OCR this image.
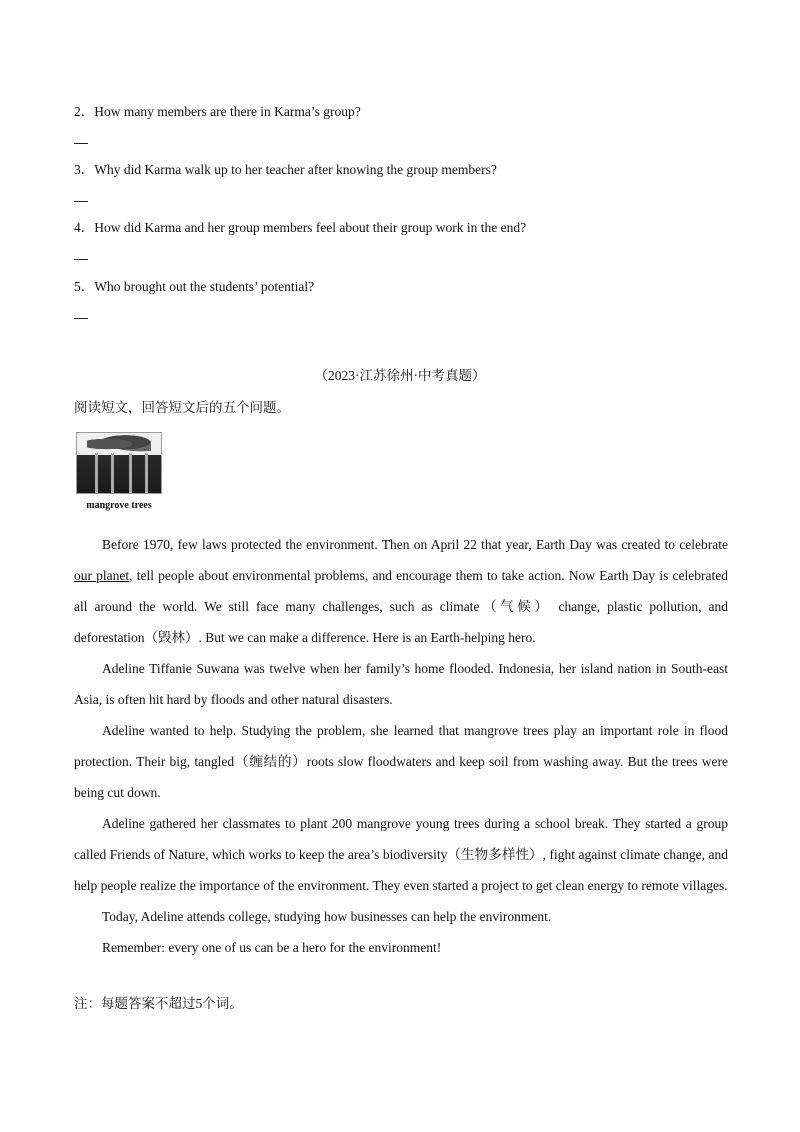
2．How many members are there in Karma’s group?

3．Why did Karma walk up to her teacher after knowing the group members?

4．How did Karma and her group members feel about their group work in the end?

5．Who brought out the students’ potential?

（2023·江苏徐州·中考真题）

阅读短文，回答短文后的五个问题。

mangrove trees

Before 1970, few laws protected the environment. Then on April 22 that year, Earth Day was created to celebrate our planet, tell people about environmental problems, and encourage them to take action. Now Earth Day is celebrated all around the world. We still face many challenges, such as climate（气候） change, plastic pollution, and deforestation（毁林）. But we can make a difference. Here is an Earth-helping hero.

Adeline Tiffanie Suwana was twelve when her family’s home flooded. Indonesia, her island nation in South-east Asia, is often hit hard by floods and other natural disasters.

Adeline wanted to help. Studying the problem, she learned that mangrove trees play an important role in flood protection. Their big, tangled（缠结的）roots slow floodwaters and keep soil from washing away. But the trees were being cut down.

Adeline gathered her classmates to plant 200 mangrove young trees during a school break. They started a group called Friends of Nature, which works to keep the area’s biodiversity（生物多样性）, fight against climate change, and help people realize the importance of the environment. They even started a project to get clean energy to remote villages.

Today, Adeline attends college, studying how businesses can help the environment.

Remember: every one of us can be a hero for the environment!

注：每题答案不超过5个词。
